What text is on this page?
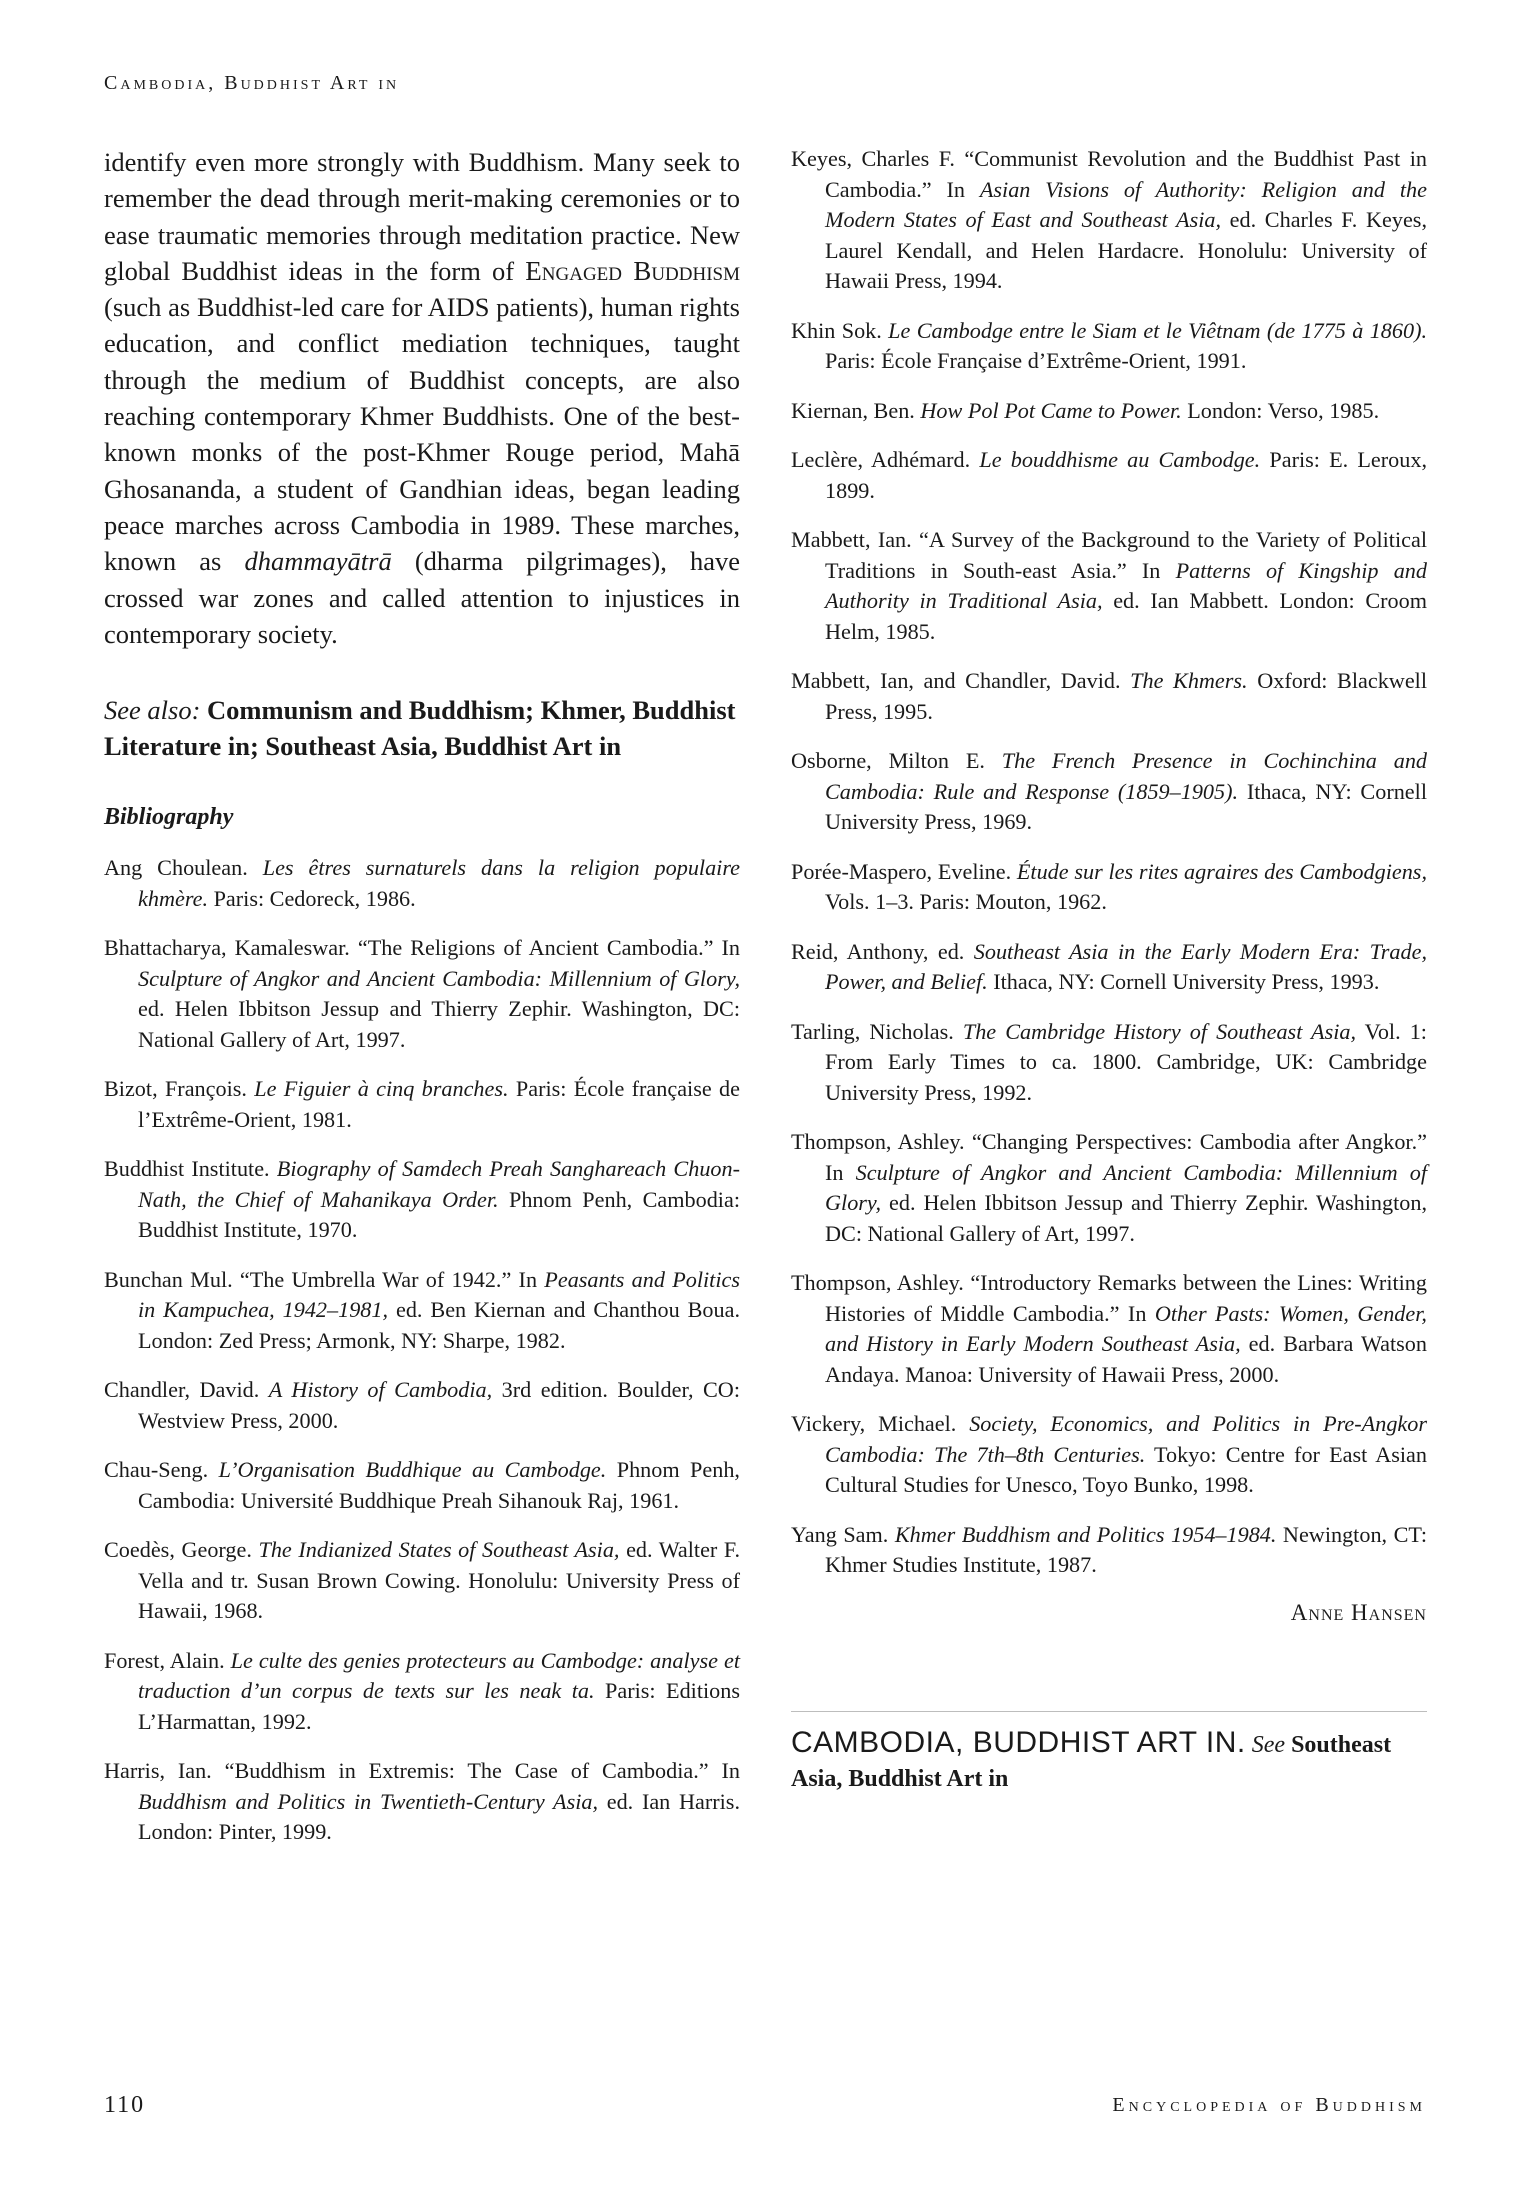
Cambodia, Buddhist Art in

identify even more strongly with Buddhism. Many seek to remember the dead through merit-making ceremonies or to ease traumatic memories through meditation practice. New global Buddhist ideas in the form of Engaged Buddhism (such as Buddhist-led care for AIDS patients), human rights education, and conflict mediation techniques, taught through the medium of Buddhist concepts, are also reaching contemporary Khmer Buddhists. One of the best-known monks of the post-Khmer Rouge period, Mahā Ghosananda, a student of Gandhian ideas, began leading peace marches across Cambodia in 1989. These marches, known as dhammayātrā (dharma pilgrimages), have crossed war zones and called attention to injustices in contemporary society.

See also: Communism and Buddhism; Khmer, Buddhist Literature in; Southeast Asia, Buddhist Art in
Bibliography

Ang Choulean. Les êtres surnaturels dans la religion populaire khmère. Paris: Cedoreck, 1986.

Bhattacharya, Kamaleswar. “The Religions of Ancient Cambodia.” In Sculpture of Angkor and Ancient Cambodia: Millennium of Glory, ed. Helen Ibbitson Jessup and Thierry Zephir. Washington, DC: National Gallery of Art, 1997.

Bizot, François. Le Figuier à cinq branches. Paris: École française de l’Extrême-Orient, 1981.

Buddhist Institute. Biography of Samdech Preah Sanghareach Chuon-Nath, the Chief of Mahanikaya Order. Phnom Penh, Cambodia: Buddhist Institute, 1970.

Bunchan Mul. “The Umbrella War of 1942.” In Peasants and Politics in Kampuchea, 1942–1981, ed. Ben Kiernan and Chanthou Boua. London: Zed Press; Armonk, NY: Sharpe, 1982.

Chandler, David. A History of Cambodia, 3rd edition. Boulder, CO: Westview Press, 2000.

Chau-Seng. L’Organisation Buddhique au Cambodge. Phnom Penh, Cambodia: Université Buddhique Preah Sihanouk Raj, 1961.

Coedès, George. The Indianized States of Southeast Asia, ed. Walter F. Vella and tr. Susan Brown Cowing. Honolulu: University Press of Hawaii, 1968.

Forest, Alain. Le culte des genies protecteurs au Cambodge: analyse et traduction d’un corpus de texts sur les neak ta. Paris: Editions L’Harmattan, 1992.

Harris, Ian. “Buddhism in Extremis: The Case of Cambodia.” In Buddhism and Politics in Twentieth-Century Asia, ed. Ian Harris. London: Pinter, 1999.

Keyes, Charles F. “Communist Revolution and the Buddhist Past in Cambodia.” In Asian Visions of Authority: Religion and the Modern States of East and Southeast Asia, ed. Charles F. Keyes, Laurel Kendall, and Helen Hardacre. Honolulu: University of Hawaii Press, 1994.

Khin Sok. Le Cambodge entre le Siam et le Viêtnam (de 1775 à 1860). Paris: École Française d’Extrême-Orient, 1991.

Kiernan, Ben. How Pol Pot Came to Power. London: Verso, 1985.

Leclère, Adhémard. Le bouddhisme au Cambodge. Paris: E. Leroux, 1899.

Mabbett, Ian. “A Survey of the Background to the Variety of Political Traditions in South-east Asia.” In Patterns of Kingship and Authority in Traditional Asia, ed. Ian Mabbett. London: Croom Helm, 1985.

Mabbett, Ian, and Chandler, David. The Khmers. Oxford: Blackwell Press, 1995.

Osborne, Milton E. The French Presence in Cochinchina and Cambodia: Rule and Response (1859–1905). Ithaca, NY: Cornell University Press, 1969.

Porée-Maspero, Eveline. Étude sur les rites agraires des Cambodgiens, Vols. 1–3. Paris: Mouton, 1962.

Reid, Anthony, ed. Southeast Asia in the Early Modern Era: Trade, Power, and Belief. Ithaca, NY: Cornell University Press, 1993.

Tarling, Nicholas. The Cambridge History of Southeast Asia, Vol. 1: From Early Times to ca. 1800. Cambridge, UK: Cambridge University Press, 1992.

Thompson, Ashley. “Changing Perspectives: Cambodia after Angkor.” In Sculpture of Angkor and Ancient Cambodia: Millennium of Glory, ed. Helen Ibbitson Jessup and Thierry Zephir. Washington, DC: National Gallery of Art, 1997.

Thompson, Ashley. “Introductory Remarks between the Lines: Writing Histories of Middle Cambodia.” In Other Pasts: Women, Gender, and History in Early Modern Southeast Asia, ed. Barbara Watson Andaya. Manoa: University of Hawaii Press, 2000.

Vickery, Michael. Society, Economics, and Politics in Pre-Angkor Cambodia: The 7th–8th Centuries. Tokyo: Centre for East Asian Cultural Studies for Unesco, Toyo Bunko, 1998.

Yang Sam. Khmer Buddhism and Politics 1954–1984. Newington, CT: Khmer Studies Institute, 1987.

Anne Hansen
CAMBODIA, BUDDHIST ART IN. See Southeast Asia, Buddhist Art in
110	Encyclopedia of Buddhism
